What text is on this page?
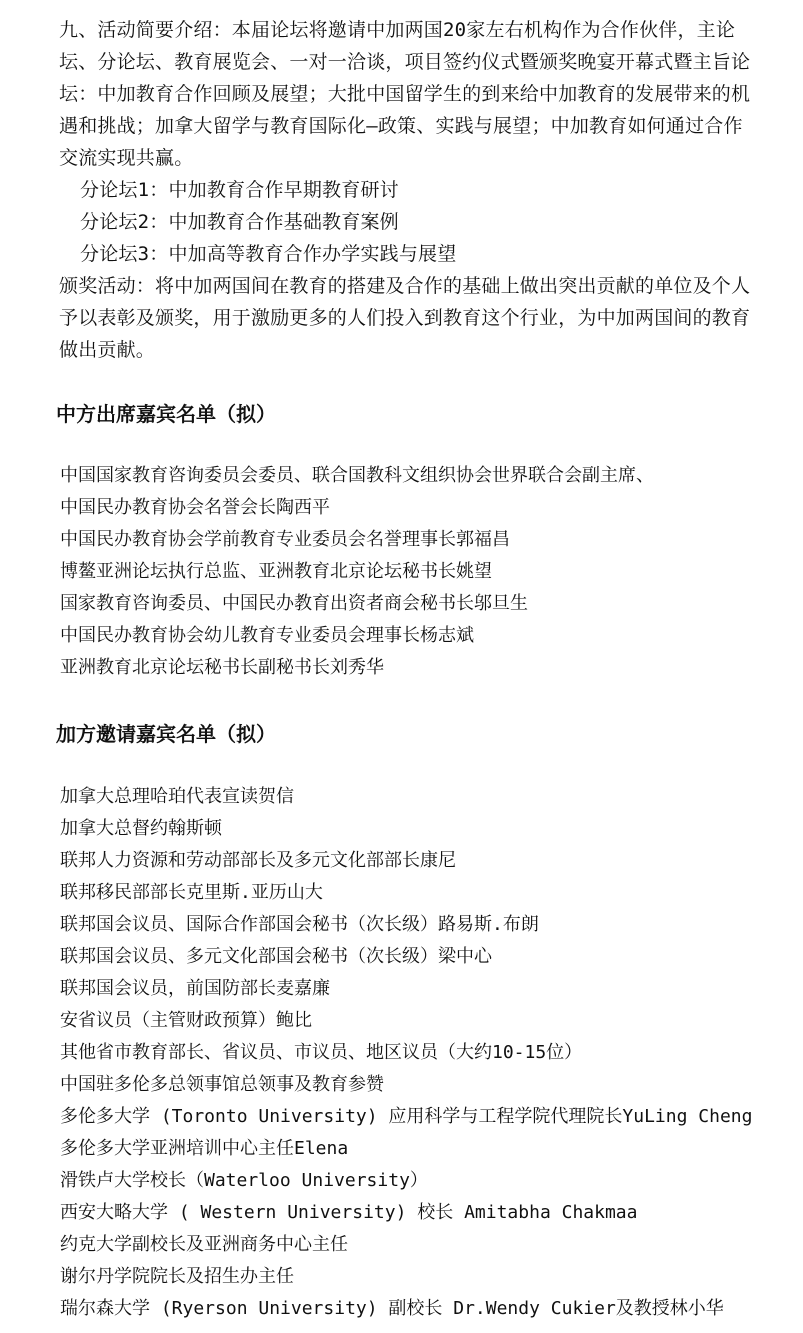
九、活动简要介绍：本届论坛将邀请中加两国20家左右机构作为合作伙伴，主论坛、分论坛、教育展览会、一对一洽谈，项目签约仪式暨颁奖晚宴开幕式暨主旨论坛：中加教育合作回顾及展望；大批中国留学生的到来给中加教育的发展带来的机遇和挑战；加拿大留学与教育国际化—政策、实践与展望；中加教育如何通过合作交流实现共赢。

分论坛1：中加教育合作早期教育研讨

分论坛2：中加教育合作基础教育案例

分论坛3：中加高等教育合作办学实践与展望

颁奖活动：将中加两国间在教育的搭建及合作的基础上做出突出贡献的单位及个人予以表彰及颁奖，用于激励更多的人们投入到教育这个行业，为中加两国间的教育做出贡献。

中方出席嘉宾名单（拟）
中国国家教育咨询委员会委员、联合国教科文组织协会世界联合会副主席、
中国民办教育协会名誉会长陶西平
中国民办教育协会学前教育专业委员会名誉理事长郭福昌
博鳌亚洲论坛执行总监、亚洲教育北京论坛秘书长姚望
国家教育咨询委员、中国民办教育出资者商会秘书长邬旦生
中国民办教育协会幼儿教育专业委员会理事长杨志斌
亚洲教育北京论坛秘书长副秘书长刘秀华
加方邀请嘉宾名单（拟）
加拿大总理哈珀代表宣读贺信
加拿大总督约翰斯顿
联邦人力资源和劳动部部长及多元文化部部长康尼
联邦移民部部长克里斯.亚历山大
联邦国会议员、国际合作部国会秘书（次长级）路易斯.布朗
联邦国会议员、多元文化部国会秘书（次长级）梁中心
联邦国会议员，前国防部长麦嘉廉
安省议员（主管财政预算）鲍比
其他省市教育部长、省议员、市议员、地区议员（大约10-15位）
中国驻多伦多总领事馆总领事及教育参赞
多伦多大学 (Toronto University) 应用科学与工程学院代理院长YuLing Cheng
多伦多大学亚洲培训中心主任Elena
滑铁卢大学校长（Waterloo University）
西安大略大学 ( Western University) 校长 Amitabha Chakmaa
约克大学副校长及亚洲商务中心主任
谢尔丹学院院长及招生办主任
瑞尔森大学 (Ryerson University) 副校长 Dr.Wendy Cukier及教授林小华
